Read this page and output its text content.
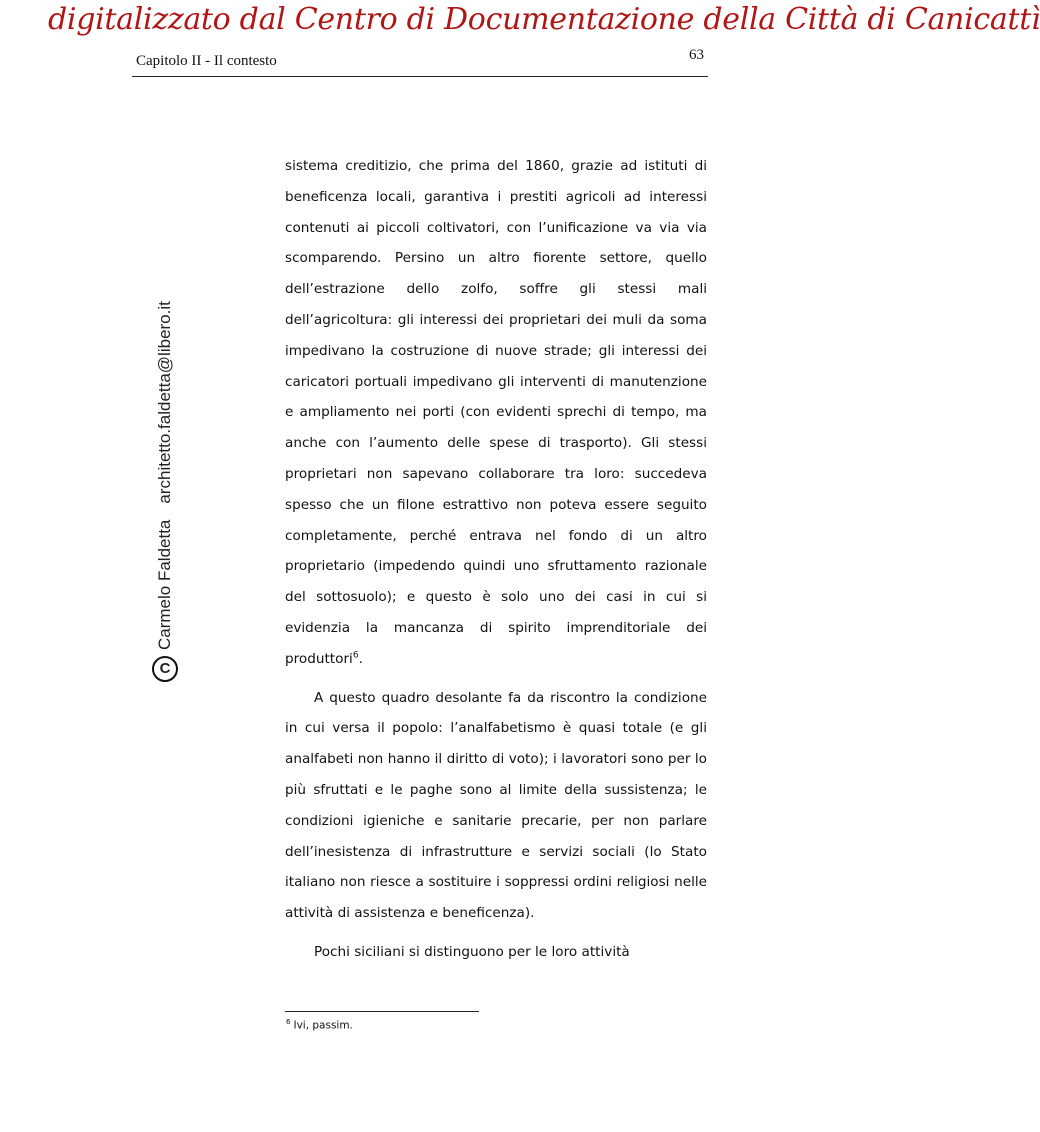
digitalizzato dal Centro di Documentazione della Città di Canicattì
Capitolo II - Il contesto	63
C
Carmelo Faldetta
architetto.faldetta@libero.it

sistema creditizio, che prima del 1860, grazie ad istituti di beneficenza locali, garantiva i prestiti agricoli ad interessi contenuti ai piccoli coltivatori, con l’unificazione va via via scomparendo. Persino un altro fiorente settore, quello dell’estrazione dello zolfo, soffre gli stessi mali dell’agricoltura: gli interessi dei proprietari dei muli da soma impedivano la costruzione di nuove strade; gli interessi dei caricatori portuali impedivano gli interventi di manutenzione e ampliamento nei porti (con evidenti sprechi di tempo, ma anche con l’aumento delle spese di trasporto). Gli stessi proprietari non sapevano collaborare tra loro: succedeva spesso che un filone estrattivo non poteva essere seguito completamente, perché entrava nel fondo di un altro proprietario (impedendo quindi uno sfruttamento razionale del sottosuolo); e questo è solo uno dei casi in cui si evidenzia la mancanza di spirito imprenditoriale dei produttori$^6$.

A questo quadro desolante fa da riscontro la condizione in cui versa il popolo: l’analfabetismo è quasi totale (e gli analfabeti non hanno il diritto di voto); i lavoratori sono per lo più sfruttati e le paghe sono al limite della sussistenza; le condizioni igieniche e sanitarie precarie, per non parlare dell’inesistenza di infrastrutture e servizi sociali (lo Stato italiano non riesce a sostituire i soppressi ordini religiosi nelle attività di assistenza e beneficenza).

Pochi siciliani si distinguono per le loro attività

$^6$ Ivi, passim.
